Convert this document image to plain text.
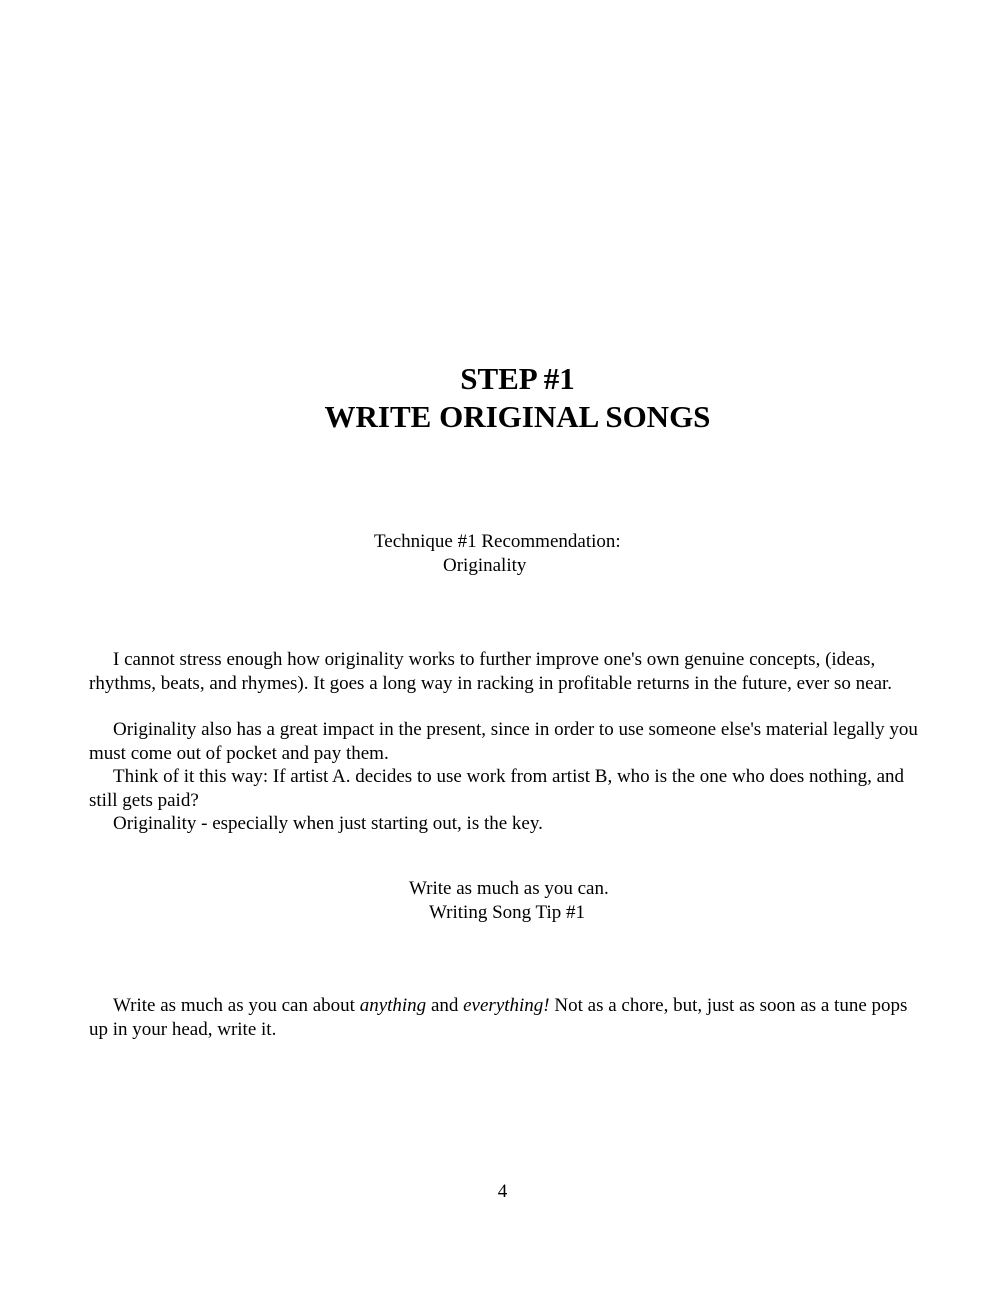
STEP #1
WRITE ORIGINAL SONGS
Technique #1 Recommendation:
Originality

I cannot stress enough how originality works to further improve one's own genuine concepts, (ideas, rhythms, beats, and rhymes). It goes a long way in racking in profitable returns in the future, ever so near.

Originality also has a great impact in the present, since in order to use someone else's material legally you must come out of pocket and pay them.

Think of it this way: If artist A. decides to use work from artist B, who is the one who does nothing, and still gets paid?

Originality - especially when just starting out, is the key.

Write as much as you can.
Writing Song Tip #1

Write as much as you can about anything and everything! Not as a chore, but, just as soon as a tune pops up in your head, write it.

4
